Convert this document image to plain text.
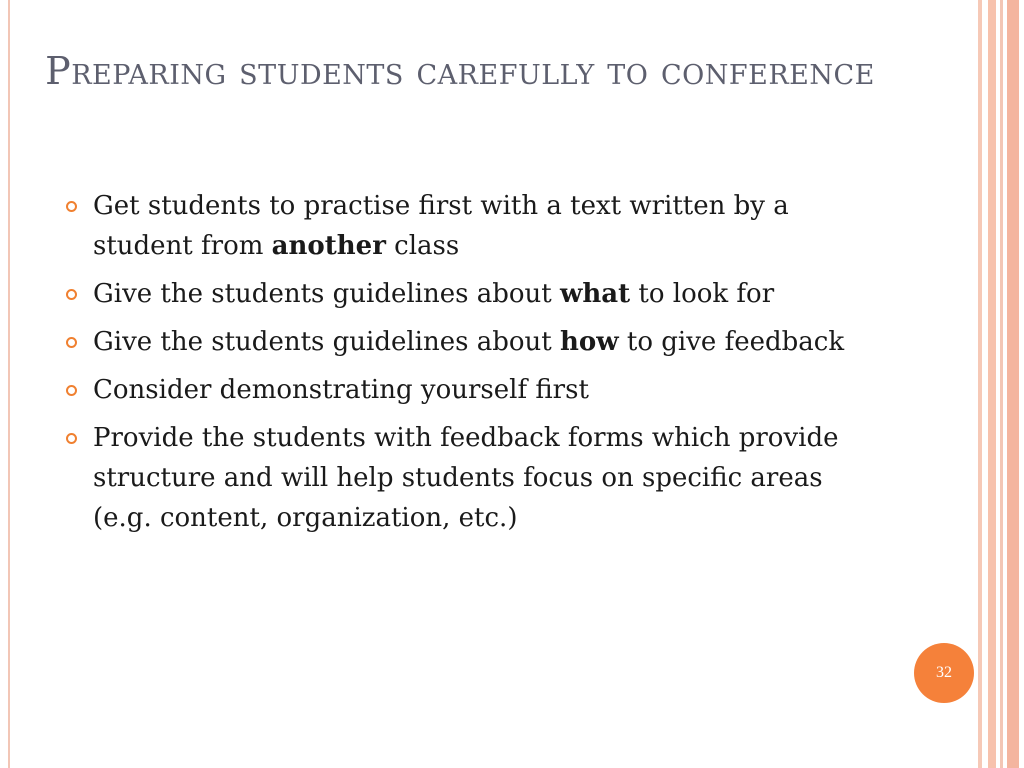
Preparing students carefully to conference
Get students to practise first with a text written by a student from another class
Give the students guidelines about what to look for
Give the students guidelines about how to give feedback
Consider demonstrating yourself first
Provide the students with feedback forms which provide structure and will help students focus on specific areas (e.g. content, organization, etc.)
32
